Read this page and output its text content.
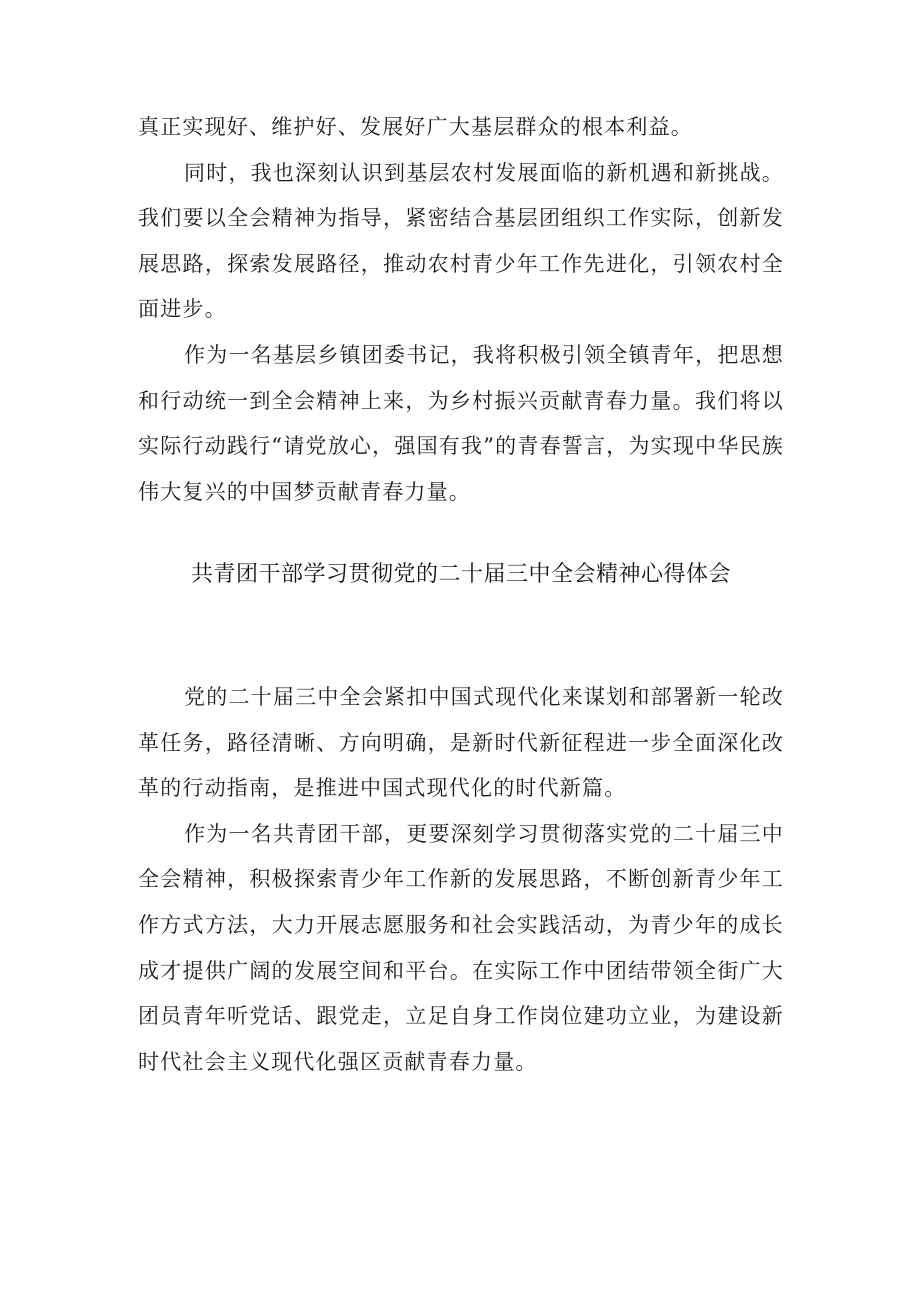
真正实现好、维护好、发展好广大基层群众的根本利益。

同时，我也深刻认识到基层农村发展面临的新机遇和新挑战。我们要以全会精神为指导，紧密结合基层团组织工作实际，创新发展思路，探索发展路径，推动农村青少年工作先进化，引领农村全面进步。

作为一名基层乡镇团委书记，我将积极引领全镇青年，把思想和行动统一到全会精神上来，为乡村振兴贡献青春力量。我们将以实际行动践行“请党放心，强国有我”的青春誓言，为实现中华民族伟大复兴的中国梦贡献青春力量。

共青团干部学习贯彻党的二十届三中全会精神心得体会

党的二十届三中全会紧扣中国式现代化来谋划和部署新一轮改革任务，路径清晰、方向明确，是新时代新征程进一步全面深化改革的行动指南，是推进中国式现代化的时代新篇。

作为一名共青团干部，更要深刻学习贯彻落实党的二十届三中全会精神，积极探索青少年工作新的发展思路，不断创新青少年工作方式方法，大力开展志愿服务和社会实践活动，为青少年的成长成才提供广阔的发展空间和平台。在实际工作中团结带领全街广大团员青年听党话、跟党走，立足自身工作岗位建功立业，为建设新时代社会主义现代化强区贡献青春力量。
